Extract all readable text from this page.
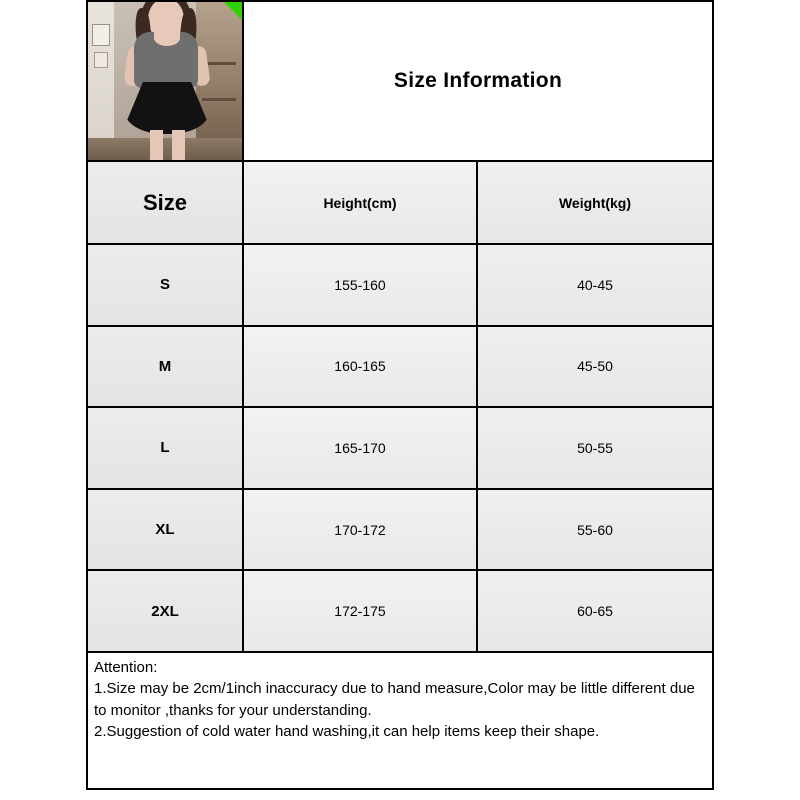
Size Information
Size	Height(cm)	Weight(kg)
S	155-160	40-45
M	160-165	45-50
L	165-170	50-55
XL	170-172	55-60
2XL	172-175	60-65

Attention:

1.Size may be 2cm/1inch inaccuracy due to hand measure,Color may be little different due to monitor ,thanks for your understanding.

2.Suggestion of cold water hand washing,it can help items keep their shape.
